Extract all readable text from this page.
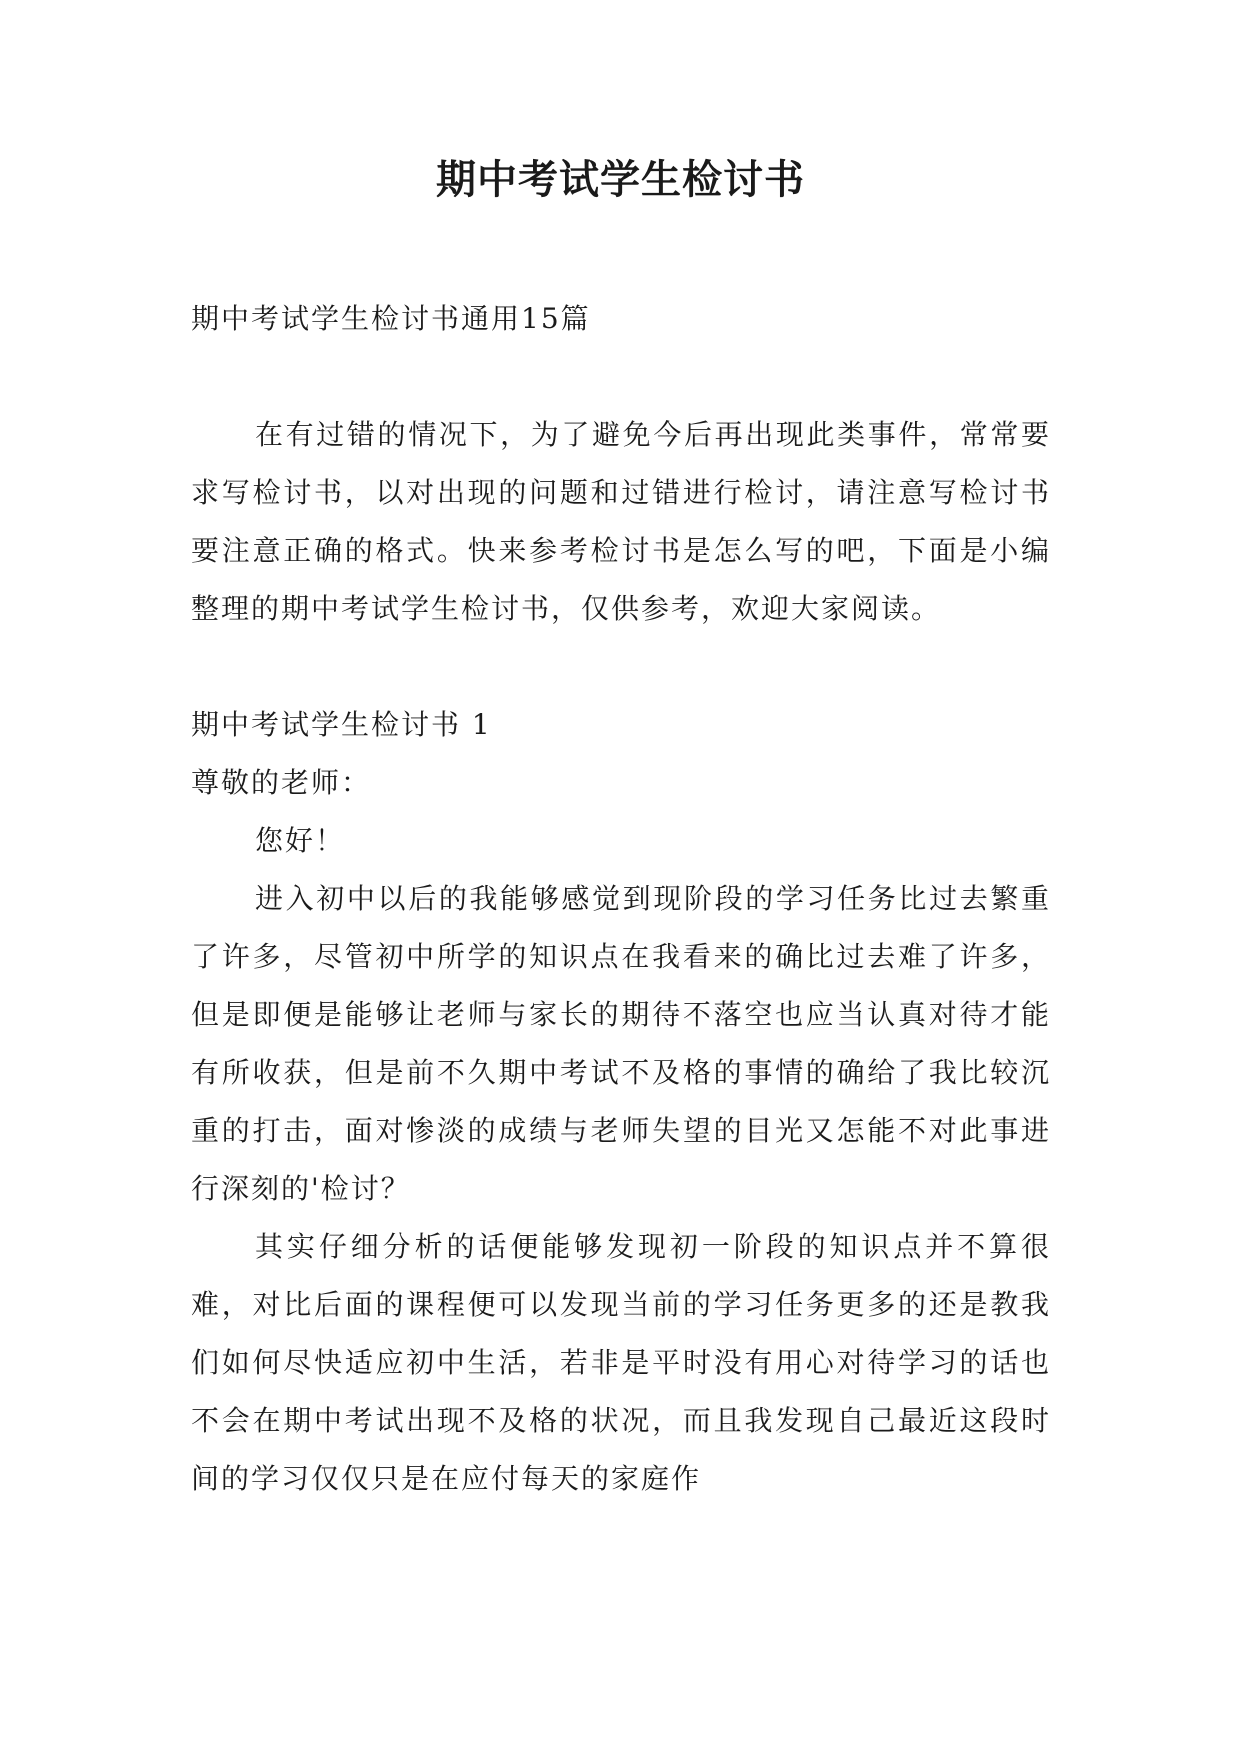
期中考试学生检讨书

期中考试学生检讨书通用15篇

在有过错的情况下，为了避免今后再出现此类事件，常常要求写检讨书，以对出现的问题和过错进行检讨，请注意写检讨书要注意正确的格式。快来参考检讨书是怎么写的吧，下面是小编整理的期中考试学生检讨书，仅供参考，欢迎大家阅读。

期中考试学生检讨书 1

尊敬的老师：

您好！

进入初中以后的我能够感觉到现阶段的学习任务比过去繁重了许多，尽管初中所学的知识点在我看来的确比过去难了许多，但是即便是能够让老师与家长的期待不落空也应当认真对待才能有所收获，但是前不久期中考试不及格的事情的确给了我比较沉重的打击，面对惨淡的成绩与老师失望的目光又怎能不对此事进行深刻的'检讨？

其实仔细分析的话便能够发现初一阶段的知识点并不算很难，对比后面的课程便可以发现当前的学习任务更多的还是教我们如何尽快适应初中生活，若非是平时没有用心对待学习的话也不会在期中考试出现不及格的状况，而且我发现自己最近这段时间的学习仅仅只是在应付每天的家庭作
